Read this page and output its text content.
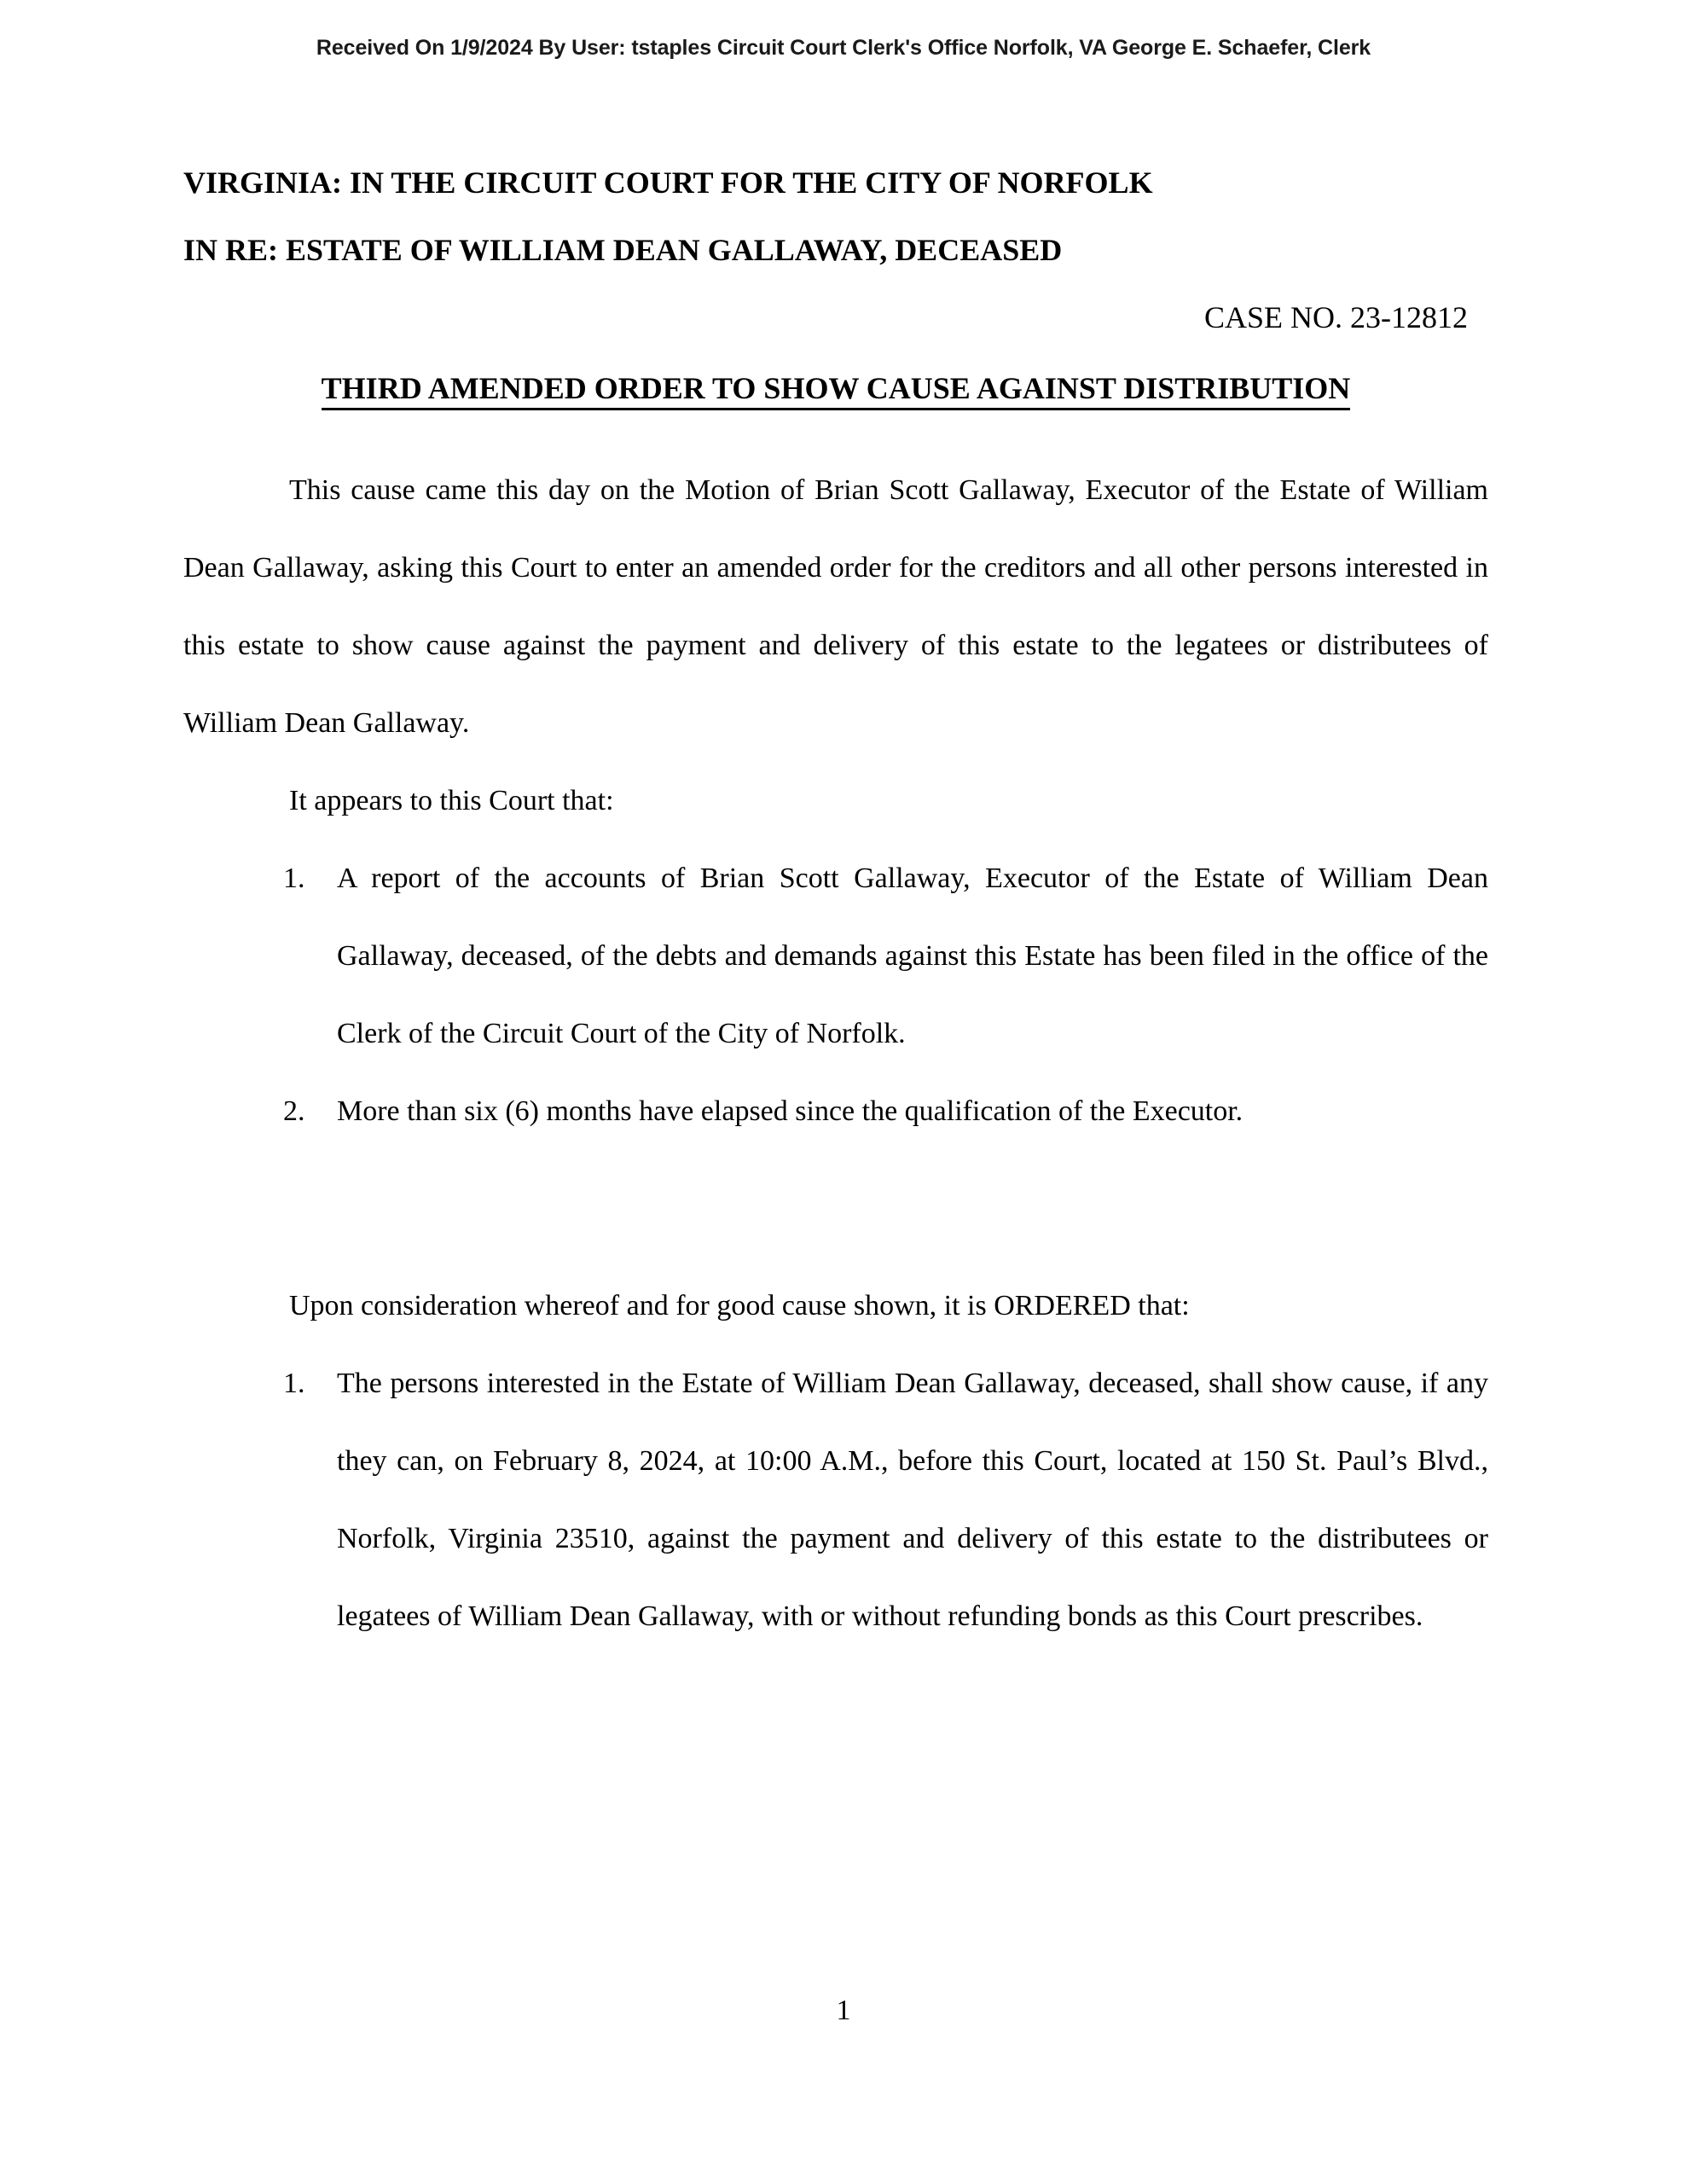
Received On 1/9/2024 By User: tstaples Circuit Court Clerk's Office Norfolk, VA George E. Schaefer, Clerk
VIRGINIA: IN THE CIRCUIT COURT FOR THE CITY OF NORFOLK
IN RE: ESTATE OF WILLIAM DEAN GALLAWAY, DECEASED
CASE NO. 23-12812
THIRD AMENDED ORDER TO SHOW CAUSE AGAINST DISTRIBUTION

This cause came this day on the Motion of Brian Scott Gallaway, Executor of the Estate of William Dean Gallaway, asking this Court to enter an amended order for the creditors and all other persons interested in this estate to show cause against the payment and delivery of this estate to the legatees or distributees of William Dean Gallaway.

It appears to this Court that:

1.	A report of the accounts of Brian Scott Gallaway, Executor of the Estate of William Dean Gallaway, deceased, of the debts and demands against this Estate has been filed in the office of the Clerk of the Circuit Court of the City of Norfolk.
2.	More than six (6) months have elapsed since the qualification of the Executor.

Upon consideration whereof and for good cause shown, it is ORDERED that:

1.	The persons interested in the Estate of William Dean Gallaway, deceased, shall show cause, if any they can, on February 8, 2024, at 10:00 A.M., before this Court, located at 150 St. Paul’s Blvd., Norfolk, Virginia 23510, against the payment and delivery of this estate to the distributees or legatees of William Dean Gallaway, with or without refunding bonds as this Court prescribes.
1
